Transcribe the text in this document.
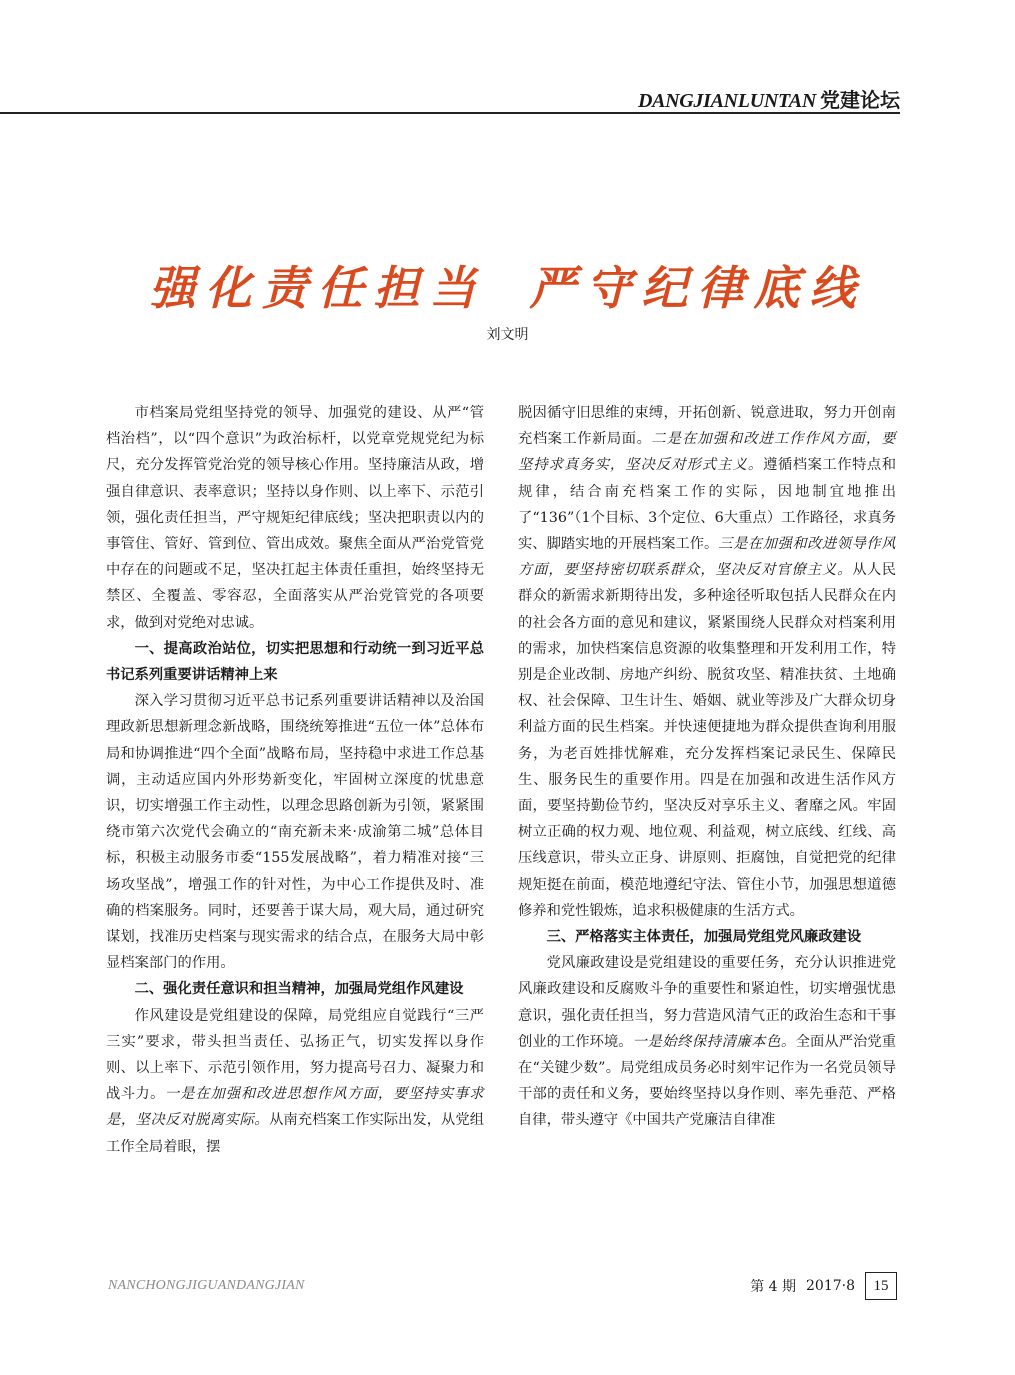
DANGJIANLUNTAN 党建论坛
强化责任担当 严守纪律底线
刘文明

市档案局党组坚持党的领导、加强党的建设、从严“管档治档”，以“四个意识”为政治标杆，以党章党规党纪为标尺，充分发挥管党治党的领导核心作用。坚持廉洁从政，增强自律意识、表率意识；坚持以身作则、以上率下、示范引领，强化责任担当，严守规矩纪律底线；坚决把职责以内的事管住、管好、管到位、管出成效。聚焦全面从严治党管党中存在的问题或不足，坚决扛起主体责任重担，始终坚持无禁区、全覆盖、零容忍，全面落实从严治党管党的各项要求，做到对党绝对忠诚。

一、提高政治站位，切实把思想和行动统一到习近平总书记系列重要讲话精神上来

深入学习贯彻习近平总书记系列重要讲话精神以及治国理政新思想新理念新战略，围绕统筹推进“五位一体”总体布局和协调推进“四个全面”战略布局，坚持稳中求进工作总基调，主动适应国内外形势新变化，牢固树立深度的忧患意识，切实增强工作主动性，以理念思路创新为引领，紧紧围绕市第六次党代会确立的“南充新未来·成渝第二城”总体目标，积极主动服务市委“155发展战略”，着力精准对接“三场攻坚战”，增强工作的针对性，为中心工作提供及时、准确的档案服务。同时，还要善于谋大局，观大局，通过研究谋划，找准历史档案与现实需求的结合点，在服务大局中彰显档案部门的作用。

二、强化责任意识和担当精神，加强局党组作风建设

作风建设是党组建设的保障，局党组应自觉践行“三严三实”要求，带头担当责任、弘扬正气，切实发挥以身作则、以上率下、示范引领作用，努力提高号召力、凝聚力和战斗力。一是在加强和改进思想作风方面，要坚持实事求是，坚决反对脱离实际。从南充档案工作实际出发，从党组工作全局着眼，摆

脱因循守旧思维的束缚，开拓创新、锐意进取，努力开创南充档案工作新局面。二是在加强和改进工作作风方面，要坚持求真务实，坚决反对形式主义。遵循档案工作特点和规律，结合南充档案工作的实际，因地制宜地推出了“136”（1个目标、3个定位、6大重点）工作路径，求真务实、脚踏实地的开展档案工作。三是在加强和改进领导作风方面，要坚持密切联系群众，坚决反对官僚主义。从人民群众的新需求新期待出发，多种途径听取包括人民群众在内的社会各方面的意见和建议，紧紧围绕人民群众对档案利用的需求，加快档案信息资源的收集整理和开发利用工作，特别是企业改制、房地产纠纷、脱贫攻坚、精准扶贫、土地确权、社会保障、卫生计生、婚姻、就业等涉及广大群众切身利益方面的民生档案。并快速便捷地为群众提供查询利用服务，为老百姓排忧解难，充分发挥档案记录民生、保障民生、服务民生的重要作用。四是在加强和改进生活作风方面，要坚持勤俭节约，坚决反对享乐主义、奢靡之风。牢固树立正确的权力观、地位观、利益观，树立底线、红线、高压线意识，带头立正身、讲原则、拒腐蚀，自觉把党的纪律规矩挺在前面，模范地遵纪守法、管住小节，加强思想道德修养和党性锻炼，追求积极健康的生活方式。

三、严格落实主体责任，加强局党组党风廉政建设

党风廉政建设是党组建设的重要任务，充分认识推进党风廉政建设和反腐败斗争的重要性和紧迫性，切实增强忧患意识，强化责任担当，努力营造风清气正的政治生态和干事创业的工作环境。一是始终保持清廉本色。全面从严治党重在“关键少数”。局党组成员务必时刻牢记作为一名党员领导干部的责任和义务，要始终坚持以身作则、率先垂范、严格自律，带头遵守《中国共产党廉洁自律准

NANCHONGJIGUANDANGJIAN	第 4 期 2017·8	15
